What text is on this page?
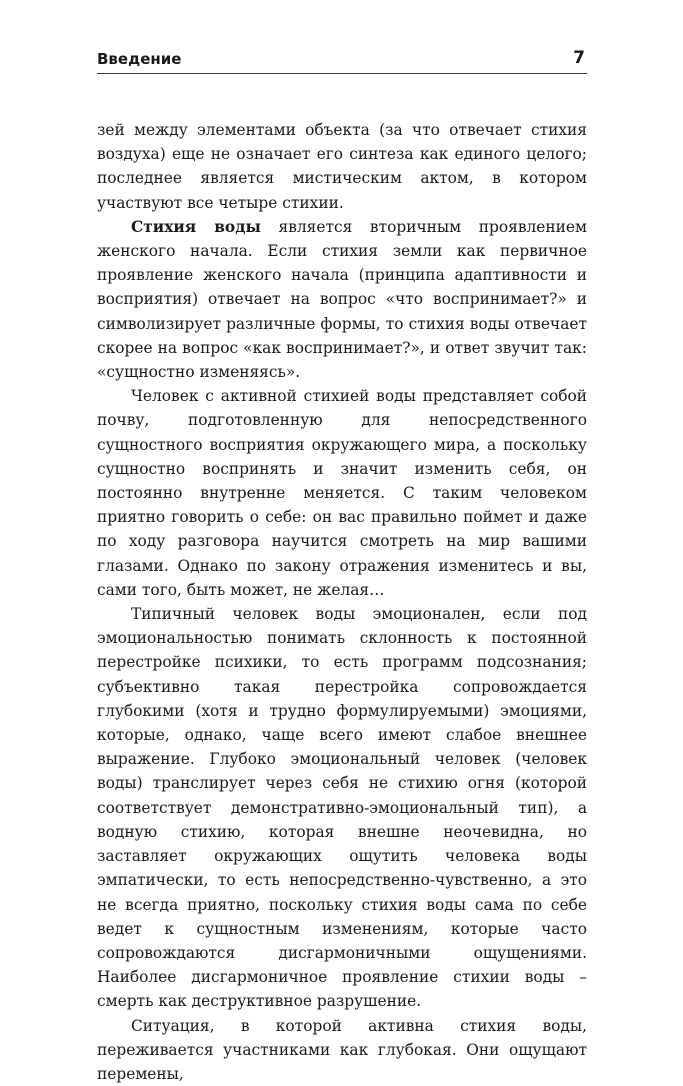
Введение	7

зей между элементами объекта (за что отвечает стихия воздуха) еще не означает его синтеза как единого целого; последнее является мистическим актом, в котором участвуют все четыре стихии.

Стихия воды является вторичным проявлением женского начала. Если стихия земли как первичное проявление женского начала (принципа адаптивности и восприятия) отвечает на вопрос «что воспринимает?» и символизирует различные формы, то стихия воды отвечает скорее на вопрос «как воспринимает?», и ответ звучит так: «сущностно изменяясь».

Человек с активной стихией воды представляет собой почву, подготовленную для непосредственного сущностного восприятия окружающего мира, а поскольку сущностно воспринять и значит изменить себя, он постоянно внутренне меняется. С таким человеком приятно говорить о себе: он вас правильно поймет и даже по ходу разговора научится смотреть на мир вашими глазами. Однако по закону отражения изменитесь и вы, сами того, быть может, не желая…

Типичный человек воды эмоционален, если под эмоциональностью понимать склонность к постоянной перестройке психики, то есть программ подсознания; субъективно такая перестройка сопровождается глубокими (хотя и трудно формулируемыми) эмоциями, которые, однако, чаще всего имеют слабое внешнее выражение. Глубоко эмоциональный человек (человек воды) транслирует через себя не стихию огня (которой соответствует демонстративно-эмоциональный тип), а водную стихию, которая внешне неочевидна, но заставляет окружающих ощутить человека воды эмпатически, то есть непосредственно-чувственно, а это не всегда приятно, поскольку стихия воды сама по себе ведет к сущностным изменениям, которые часто сопровождаются дисгармоничными ощущениями. Наиболее дисгармоничное проявление стихии воды – смерть как деструктивное разрушение.

Ситуация, в которой активна стихия воды, переживается участниками как глубокая. Они ощущают перемены,
